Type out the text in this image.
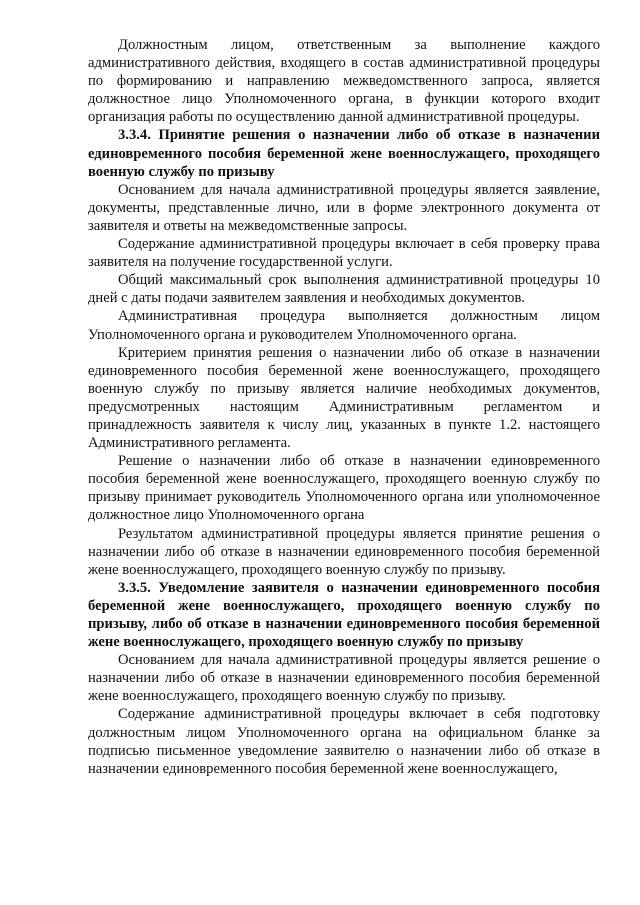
Должностным лицом, ответственным за выполнение каждого административного действия, входящего в состав административной процедуры по формированию и направлению межведомственного запроса, является должностное лицо Уполномоченного органа, в функции которого входит организация работы по осуществлению данной административной процедуры.

3.3.4. Принятие решения о назначении либо об отказе в назначении единовременного пособия беременной жене военнослужащего, проходящего военную службу по призыву

Основанием для начала административной процедуры является заявление, документы, представленные лично, или в форме электронного документа от заявителя и ответы на межведомственные запросы.

Содержание административной процедуры включает в себя проверку права заявителя на получение государственной услуги.

Общий максимальный срок выполнения административной процедуры 10 дней с даты подачи заявителем заявления и необходимых документов.

Административная процедура выполняется должностным лицом Уполномоченного органа и руководителем Уполномоченного органа.

Критерием принятия решения о назначении либо об отказе в назначении единовременного пособия беременной жене военнослужащего, проходящего военную службу по призыву является наличие необходимых документов, предусмотренных настоящим Административным регламентом и принадлежность заявителя к числу лиц, указанных в пункте 1.2. настоящего Административного регламента.

Решение о назначении либо об отказе в назначении единовременного пособия беременной жене военнослужащего, проходящего военную службу по призыву принимает руководитель Уполномоченного органа или уполномоченное должностное лицо Уполномоченного органа

Результатом административной процедуры является принятие решения о назначении либо об отказе в назначении единовременного пособия беременной жене военнослужащего, проходящего военную службу по призыву.

3.3.5. Уведомление заявителя о назначении единовременного пособия беременной жене военнослужащего, проходящего военную службу по призыву, либо об отказе в назначении единовременного пособия беременной жене военнослужащего, проходящего военную службу по призыву

Основанием для начала административной процедуры является решение о назначении либо об отказе в назначении единовременного пособия беременной жене военнослужащего, проходящего военную службу по призыву.

Содержание административной процедуры включает в себя подготовку должностным лицом Уполномоченного органа на официальном бланке за подписью письменное уведомление заявителю о назначении либо об отказе в назначении единовременного пособия беременной жене военнослужащего,
